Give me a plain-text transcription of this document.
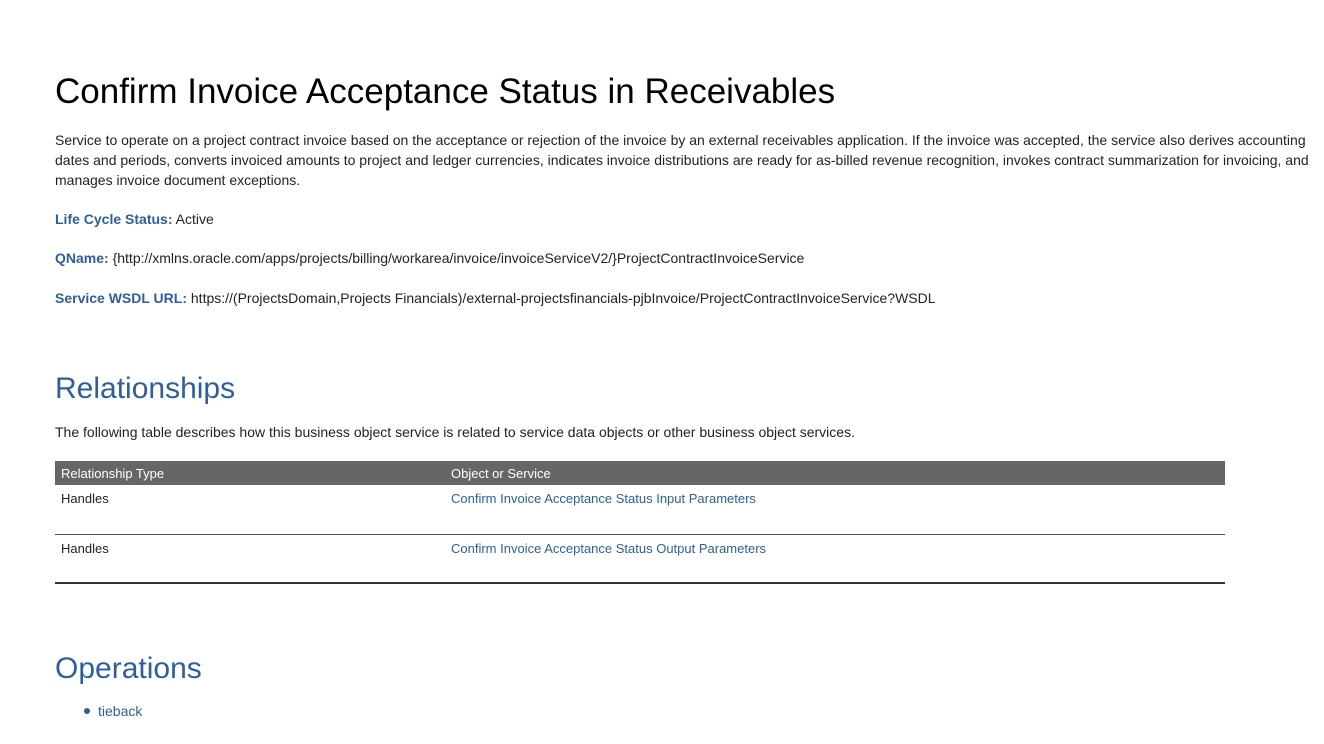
Confirm Invoice Acceptance Status in Receivables

Service to operate on a project contract invoice based on the acceptance or rejection of the invoice by an external receivables application. If the invoice was accepted, the service also derives accounting dates and periods, converts invoiced amounts to project and ledger currencies, indicates invoice distributions are ready for as-billed revenue recognition, invokes contract summarization for invoicing, and manages invoice document exceptions.

Life Cycle Status: Active

QName: {http://xmlns.oracle.com/apps/projects/billing/workarea/invoice/invoiceServiceV2/}ProjectContractInvoiceService

Service WSDL URL: https://(ProjectsDomain,Projects Financials)/external-projectsfinancials-pjbInvoice/ProjectContractInvoiceService?WSDL

Relationships

The following table describes how this business object service is related to service data objects or other business object services.

Relationship Type	Object or Service
Handles	Confirm Invoice Acceptance Status Input Parameters
Handles	Confirm Invoice Acceptance Status Output Parameters
Operations
tieback
